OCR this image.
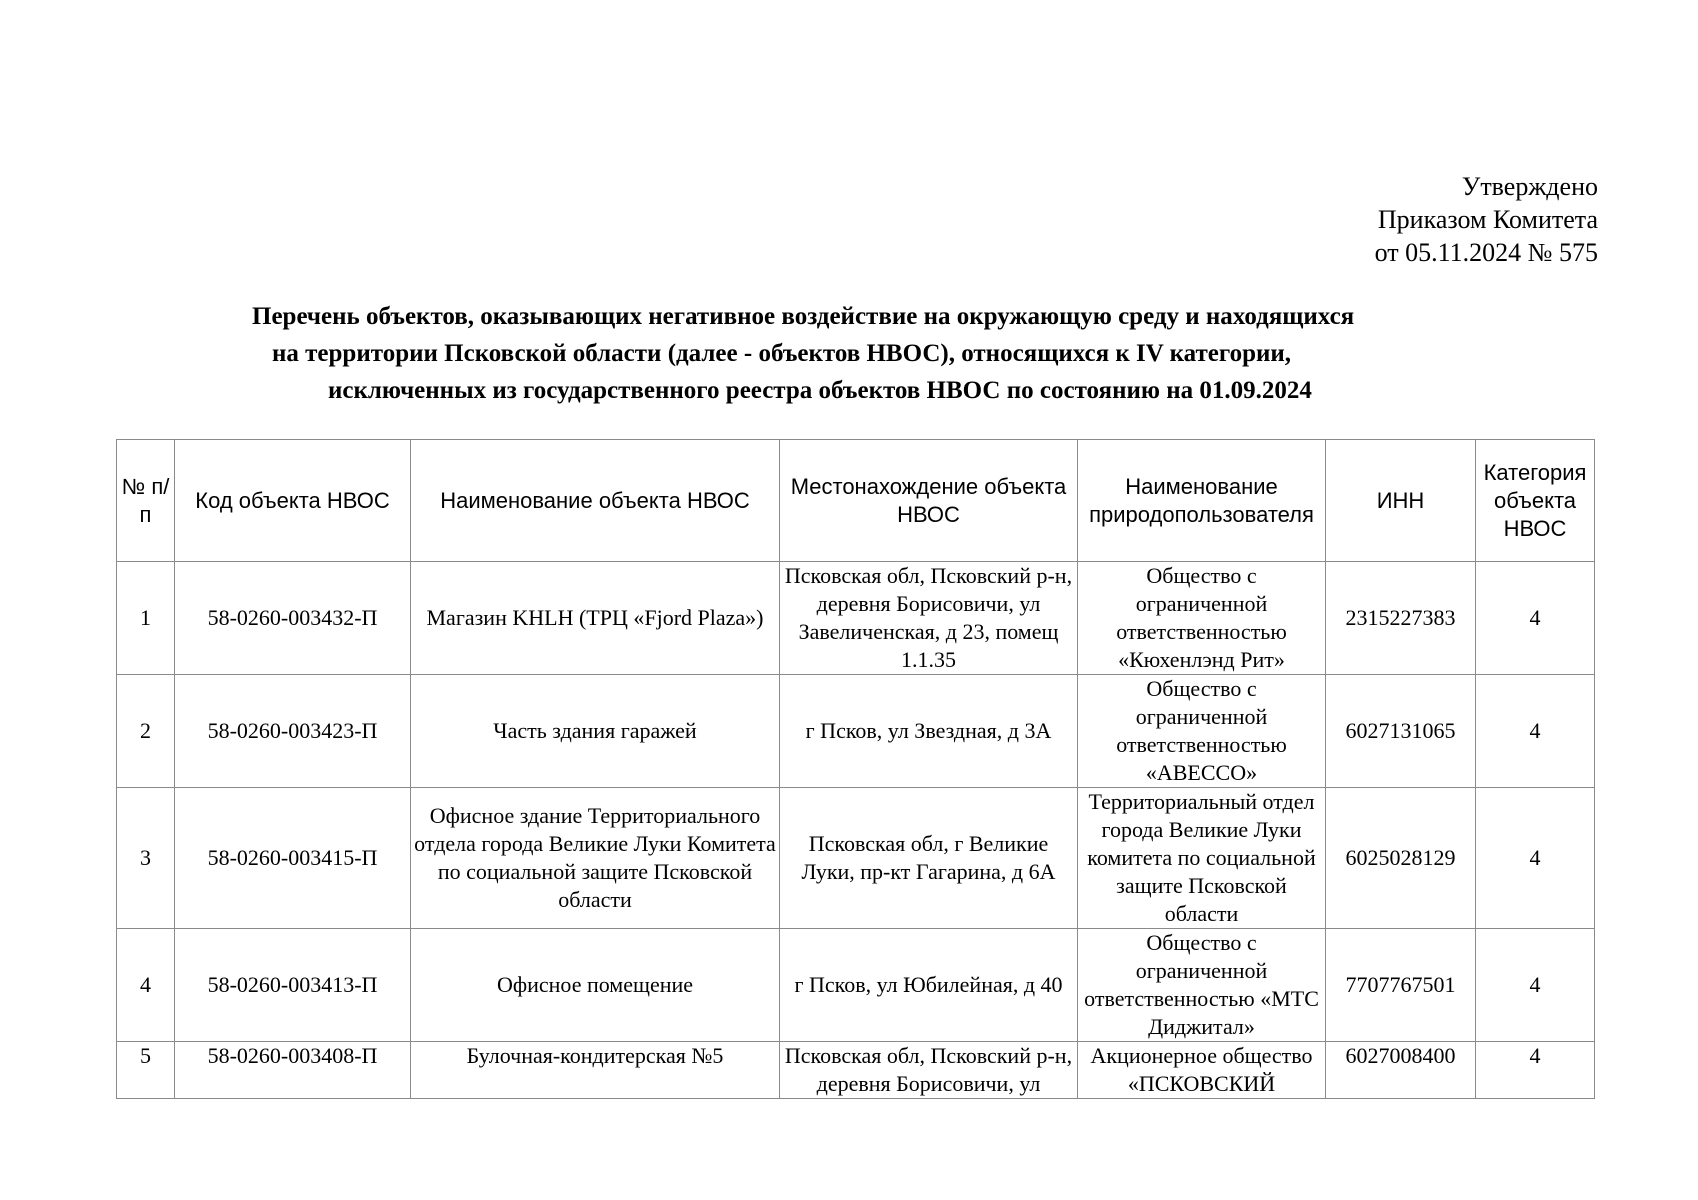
Утверждено
Приказом Комитета
от 05.11.2024 № 575
Перечень объектов, оказывающих негативное воздействие на окружающую среду и находящихся
на территории Псковской области (далее - объектов НВОС), относящихся к IV категории,
исключенных из государственного реестра объектов НВОС по состоянию на 01.09.2024
№ п/п	Код объекта НВОС	Наименование объекта НВОС	Местонахождение объекта НВОС	Наименование природопользователя	ИНН	Категория объекта НВОС
1	58-0260-003432-П	Магазин KHLH (ТРЦ «Fjord Plaza»)	Псковская обл, Псковский р-н, деревня Борисовичи, ул Завеличенская, д 23, помещ 1.1.35	Общество с ограниченной ответственностью «Кюхенлэнд Рит»	2315227383	4
2	58-0260-003423-П	Часть здания гаражей	г Псков, ул Звездная, д 3А	Общество с ограниченной ответственностью «АВЕССО»	6027131065	4
3	58-0260-003415-П	Офисное здание Территориального отдела города Великие Луки Комитета по социальной защите Псковской области	Псковская обл, г Великие Луки, пр-кт Гагарина, д 6А	Территориальный отдел города Великие Луки комитета по социальной защите Псковской области	6025028129	4
4	58-0260-003413-П	Офисное помещение	г Псков, ул Юбилейная, д 40	Общество с ограниченной ответственностью «МТС Диджитал»	7707767501	4
5	58-0260-003408-П	Булочная-кондитерская №5	Псковская обл, Псковский р-н, деревня Борисовичи, ул	Акционерное общество «ПСКОВСКИЙ	6027008400	4
